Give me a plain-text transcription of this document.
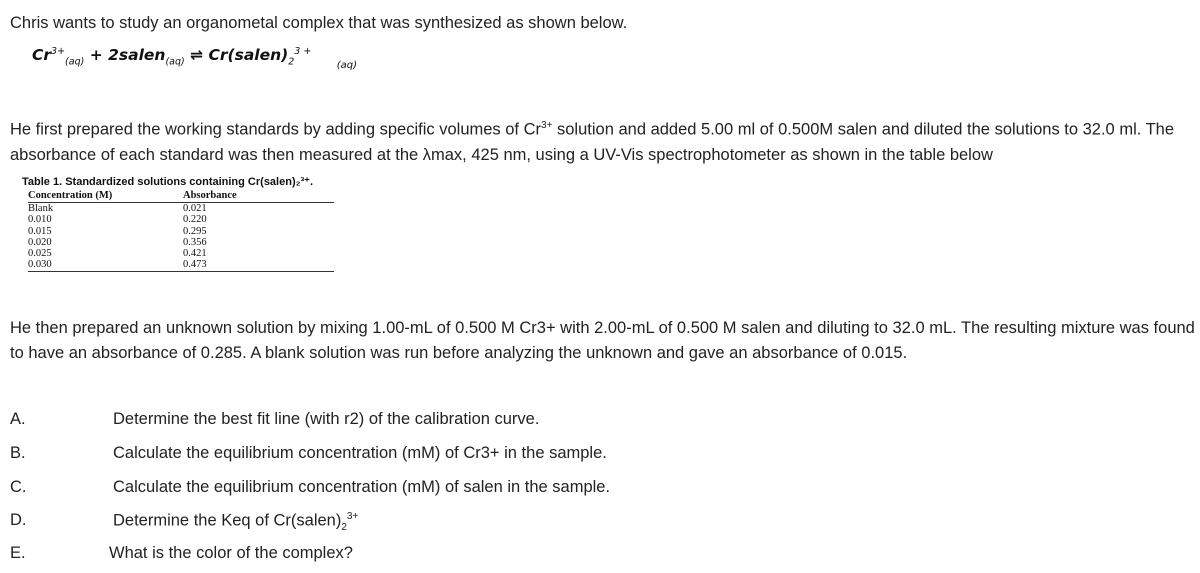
Chris wants to study an organometal complex that was synthesized as shown below.
$Cr^{3+}_{(aq)}$ + 2salen$_{(aq)}$ ⇌ $Cr(salen)_2^{3 +}$ $_{(aq)}$
He first prepared the working standards by adding specific volumes of $Cr^{3+}$ solution and added 5.00 ml of 0.500M salen and diluted the solutions to 32.0 ml. The absorbance of each standard was then measured at the λmax, 425 nm, using a UV-Vis spectrophotometer as shown in the table below
Table 1. Standardized solutions containing Cr(salen)₂³⁺.
Concentration (M)	Absorbance
Blank	0.021
0.010	0.220
0.015	0.295
0.020	0.356
0.025	0.421
0.030	0.473
He then prepared an unknown solution by mixing 1.00-mL of 0.500 M Cr3+ with 2.00-mL of 0.500 M salen and diluting to 32.0 mL. The resulting mixture was found to have an absorbance of 0.285. A blank solution was run before analyzing the unknown and gave an absorbance of 0.015.
A.	Determine the best fit line (with r2) of the calibration curve.
B.	Calculate the equilibrium concentration (mM) of Cr3+ in the sample.
C.	Calculate the equilibrium concentration (mM) of salen in the sample.
D.	Determine the Keq of $Cr(salen)_2^{3+}$
E.	What is the color of the complex?
